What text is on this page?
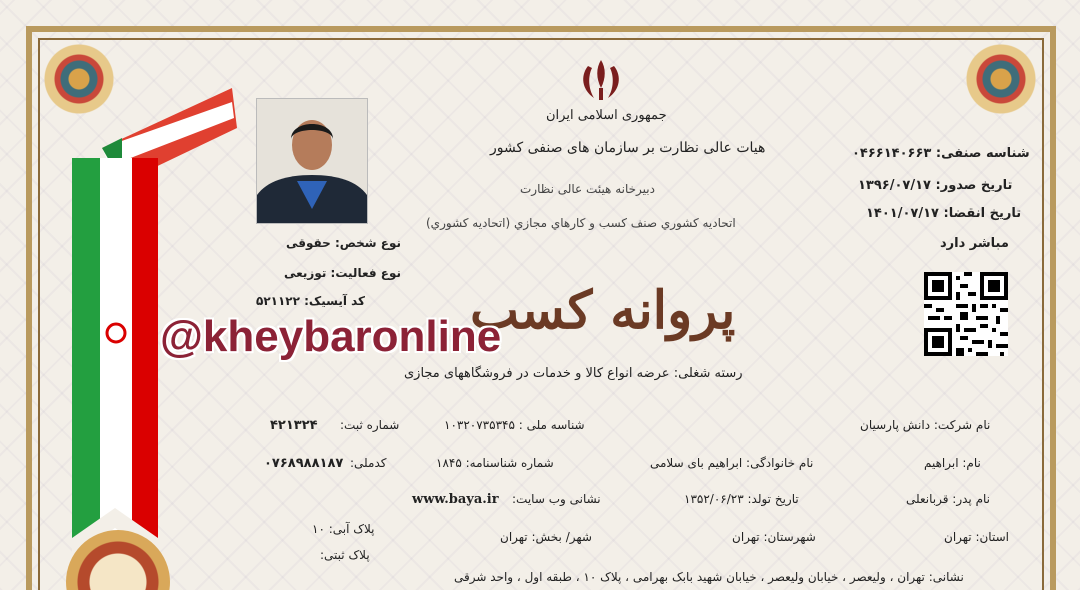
جمهوری اسلامی ایران
هیات عالی نظارت بر سازمان های صنفی کشور
دبیرخانه هیئت عالی نظارت
اتحاديه كشوري صنف كسب و كارهاي مجازي (اتحاديه كشوري)
نوع شخص: حقوقی
نوع فعالیت: توزیعی
کد آیسیک: ۵۲۱۱۲۲
شناسه صنفی: ۰۴۶۶۱۴۰۶۶۳
تاریخ صدور: ۱۳۹۶/۰۷/۱۷
تاریخ انقضا: ۱۴۰۱/۰۷/۱۷
مباشر دارد
پروانه کسب
@kheybaronline
رسته شغلی: عرضه انواع کالا و خدمات در فروشگاههای مجازی
نام شرکت: دانش پارسیان
شناسه ملی : ۱۰۳۲۰۷۳۵۳۴۵
شماره ثبت:
۴۲۱۳۲۴
نام: ابراهیم
نام خانوادگی: ابراهیم بای سلامی
شماره شناسنامه: ۱۸۴۵
کدملی:
۰۷۶۸۹۸۸۱۸۷
نام پدر: قربانعلی
تاریخ تولد: ۱۳۵۲/۰۶/۲۳
نشانی وب سایت:
www.baya.ir
استان: تهران
شهرستان: تهران
شهر/ بخش: تهران
پلاک آبی: ۱۰
پلاک ثبتی:
نشانی: تهران ، ولیعصر ، خیابان ولیعصر ، خیابان شهید بابک بهرامی ، پلاک ۱۰ ، طبقه اول ، واحد شرقی
